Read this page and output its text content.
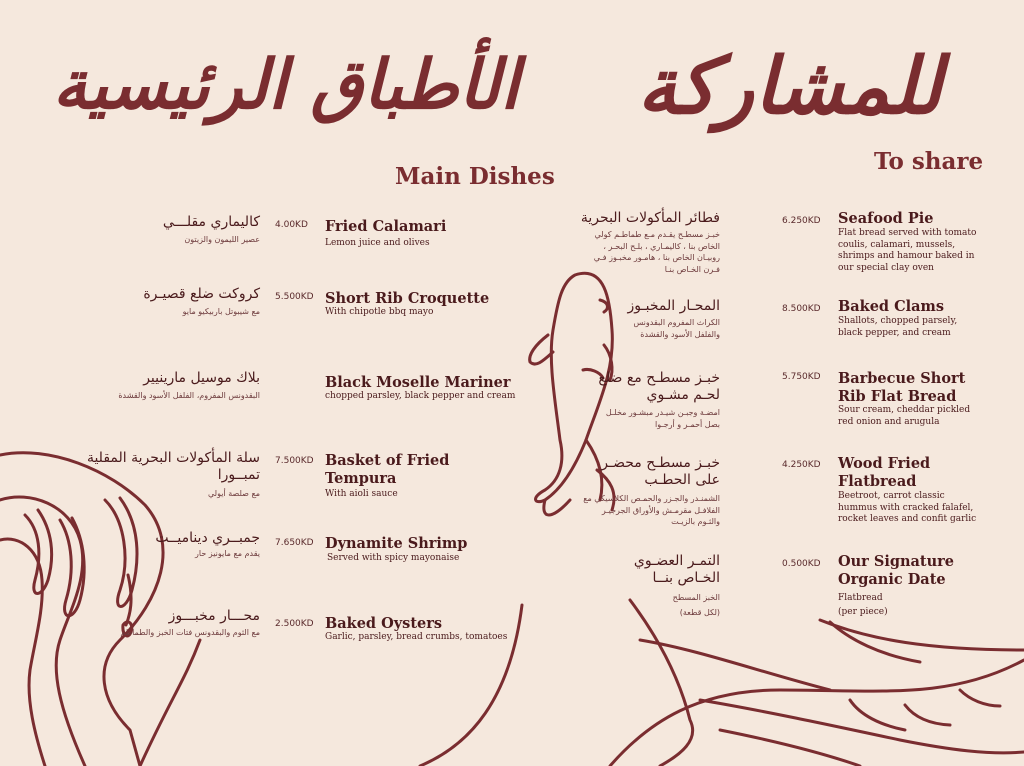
الأطباق الرئيسية
Main Dishes
للمشاركة
To share
كاليماري مقلـــي
عصير الليمون والزيتون
4.00KD Fried Calamari
Lemon juice and olives
كروكت ضلع قصيـرة
مع شيبوتل باربيكيو مايو
5.500KD Short Rib Croquette
With chipotle bbq mayo
بلاك موسيل مارينيير
البقدونس المفروم، الفلفل الأسود والقشدة
Black Moselle Mariner
chopped parsley, black pepper and cream
سلة المأكولات البحرية المقلية تمبــورا
مع صلصة أيولي
7.500KD Basket of Fried Tempura
With aioli sauce
جمبــري ديناميــت
يقدم مع مايونيز حار
7.650KD Dynamite Shrimp
Served with spicy mayonaise
محـــار مخبـــوز
مع الثوم والبقدونس فتات الخبز والطماطم
2.500KD Baked Oysters
Garlic, parsley, bread crumbs, tomatoes
فطائر المأكولات البحرية
خبـز مسطـح يقـدم مـع طماطـم كولي الخاص بنا ، كاليمـاري ، بلـح البحـر ، روبيـان الخاص بنا ، هامـور مخبـوز فـي فـرن الخـاص بنـا
6.250KD Seafood Pie
Flat bread served with tomato coulis, calamari, mussels, shrimps and hamour baked in our special clay oven
المحـار المخبـوز
الكراث المفروم البقدونس والفلفل الأسود والقشدة
8.500KD Baked Clams
Shallots, chopped parsely, black pepper, and cream
خبـز مسطـح مع ضلع لحـم مشـوي
امضـة وجبـن شيـدر مبشـور مخلـل بصل أحمـر و أرجـوا
5.750KD Barbecue Short Rib Flat Bread
Sour cream, cheddar pickled red onion and arugula
خبـز مسطـح محضـر على الحطـب
الشمنـدر والجـزر والحمـص الكلاسيكي مع الفلافـل مقرمـش والأوراق الجرجيـر والثـوم بالزيـت
4.250KD Wood Fried Flatbread
Beetroot, carrot classic hummus with cracked falafel, rocket leaves and confit garlic
التمـر العضـوي الخـاص بنــا
الخبز المسطح
(لكل قطعة)
0.500KD Our Signature Organic Date
Flatbread
(per piece)
